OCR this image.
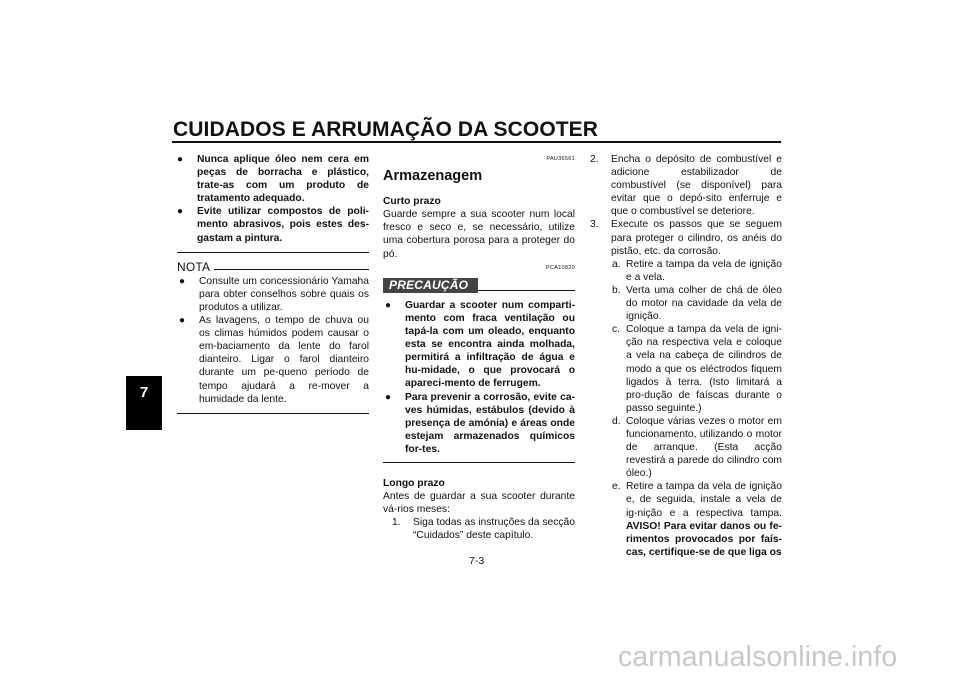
CUIDADOS E ARRUMAÇÃO DA SCOOTER
7
●	Nunca aplique óleo nem cera em peças de borracha e plástico, trate-as com um produto de tratamento adequado.
●	Evite utilizar compostos de poli-mento abrasivos, pois estes des-gastam a pintura.
NOTA
●	Consulte um concessionário Yamaha para obter conselhos sobre quais os produtos a utilizar.
●	As lavagens, o tempo de chuva ou os climas húmidos podem causar o em-baciamento da lente do farol dianteiro. Ligar o farol dianteiro durante um pe-queno período de tempo ajudará a re-mover a humidade da lente.
PAU36561
Armazenagem
Curto prazo
Guarde sempre a sua scooter num local fresco e seco e, se necessário, utilize uma cobertura porosa para a proteger do pó.
PCA10820
PRECAUÇÃO
●	Guardar a scooter num comparti-mento com fraca ventilação ou tapá-la com um oleado, enquanto esta se encontra ainda molhada, permitirá a infiltração de água e hu-midade, o que provocará o apareci-mento de ferrugem.
●	Para prevenir a corrosão, evite ca-ves húmidas, estábulos (devido à presença de amónia) e áreas onde estejam armazenados químicos for-tes.
Longo prazo
Antes de guardar a sua scooter durante vá-rios meses:
1.	Siga todas as instruções da secção “Cuidados” deste capítulo.
2.	Encha o depósito de combustível e adicione estabilizador de combustível (se disponível) para evitar que o depó-sito enferruje e que o combustível se deteriore.
3.	Execute os passos que se seguem para proteger o cilindro, os anéis do pistão, etc. da corrosão.
a. Retire a tampa da vela de ignição e a vela.
b. Verta uma colher de chá de óleo do motor na cavidade da vela de ignição.
c. Coloque a tampa da vela de igni-ção na respectiva vela e coloque a vela na cabeça de cilindros de modo a que os eléctrodos fiquem ligados à terra. (Isto limitará a pro-dução de faíscas durante o passo seguinte.)
d. Coloque várias vezes o motor em funcionamento, utilizando o motor de arranque. (Esta acção revestirá a parede do cilindro com óleo.)
e. Retire a tampa da vela de ignição e, de seguida, instale a vela de ig-nição e a respectiva tampa. AVISO! Para evitar danos ou fe-rimentos provocados por faís-cas, certifique-se de que liga os
7-3
carmanualsonline.info
